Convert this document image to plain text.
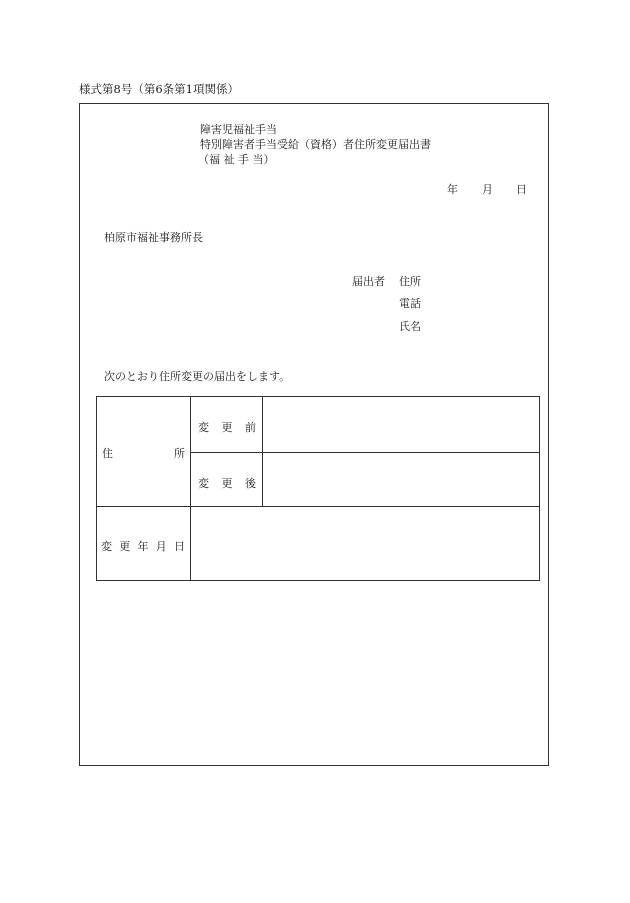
様式第8号（第6条第1項関係）
障害児福祉手当
特別障害者手当受給（資格）者住所変更届出書
（福 祉 手 当）
年 月 日
柏原市福祉事務所長
届出者 住所
電話
氏名
次のとおり住所変更の届出をします。
住	所
変 更 前
変 更 後
変 更 年 月 日
